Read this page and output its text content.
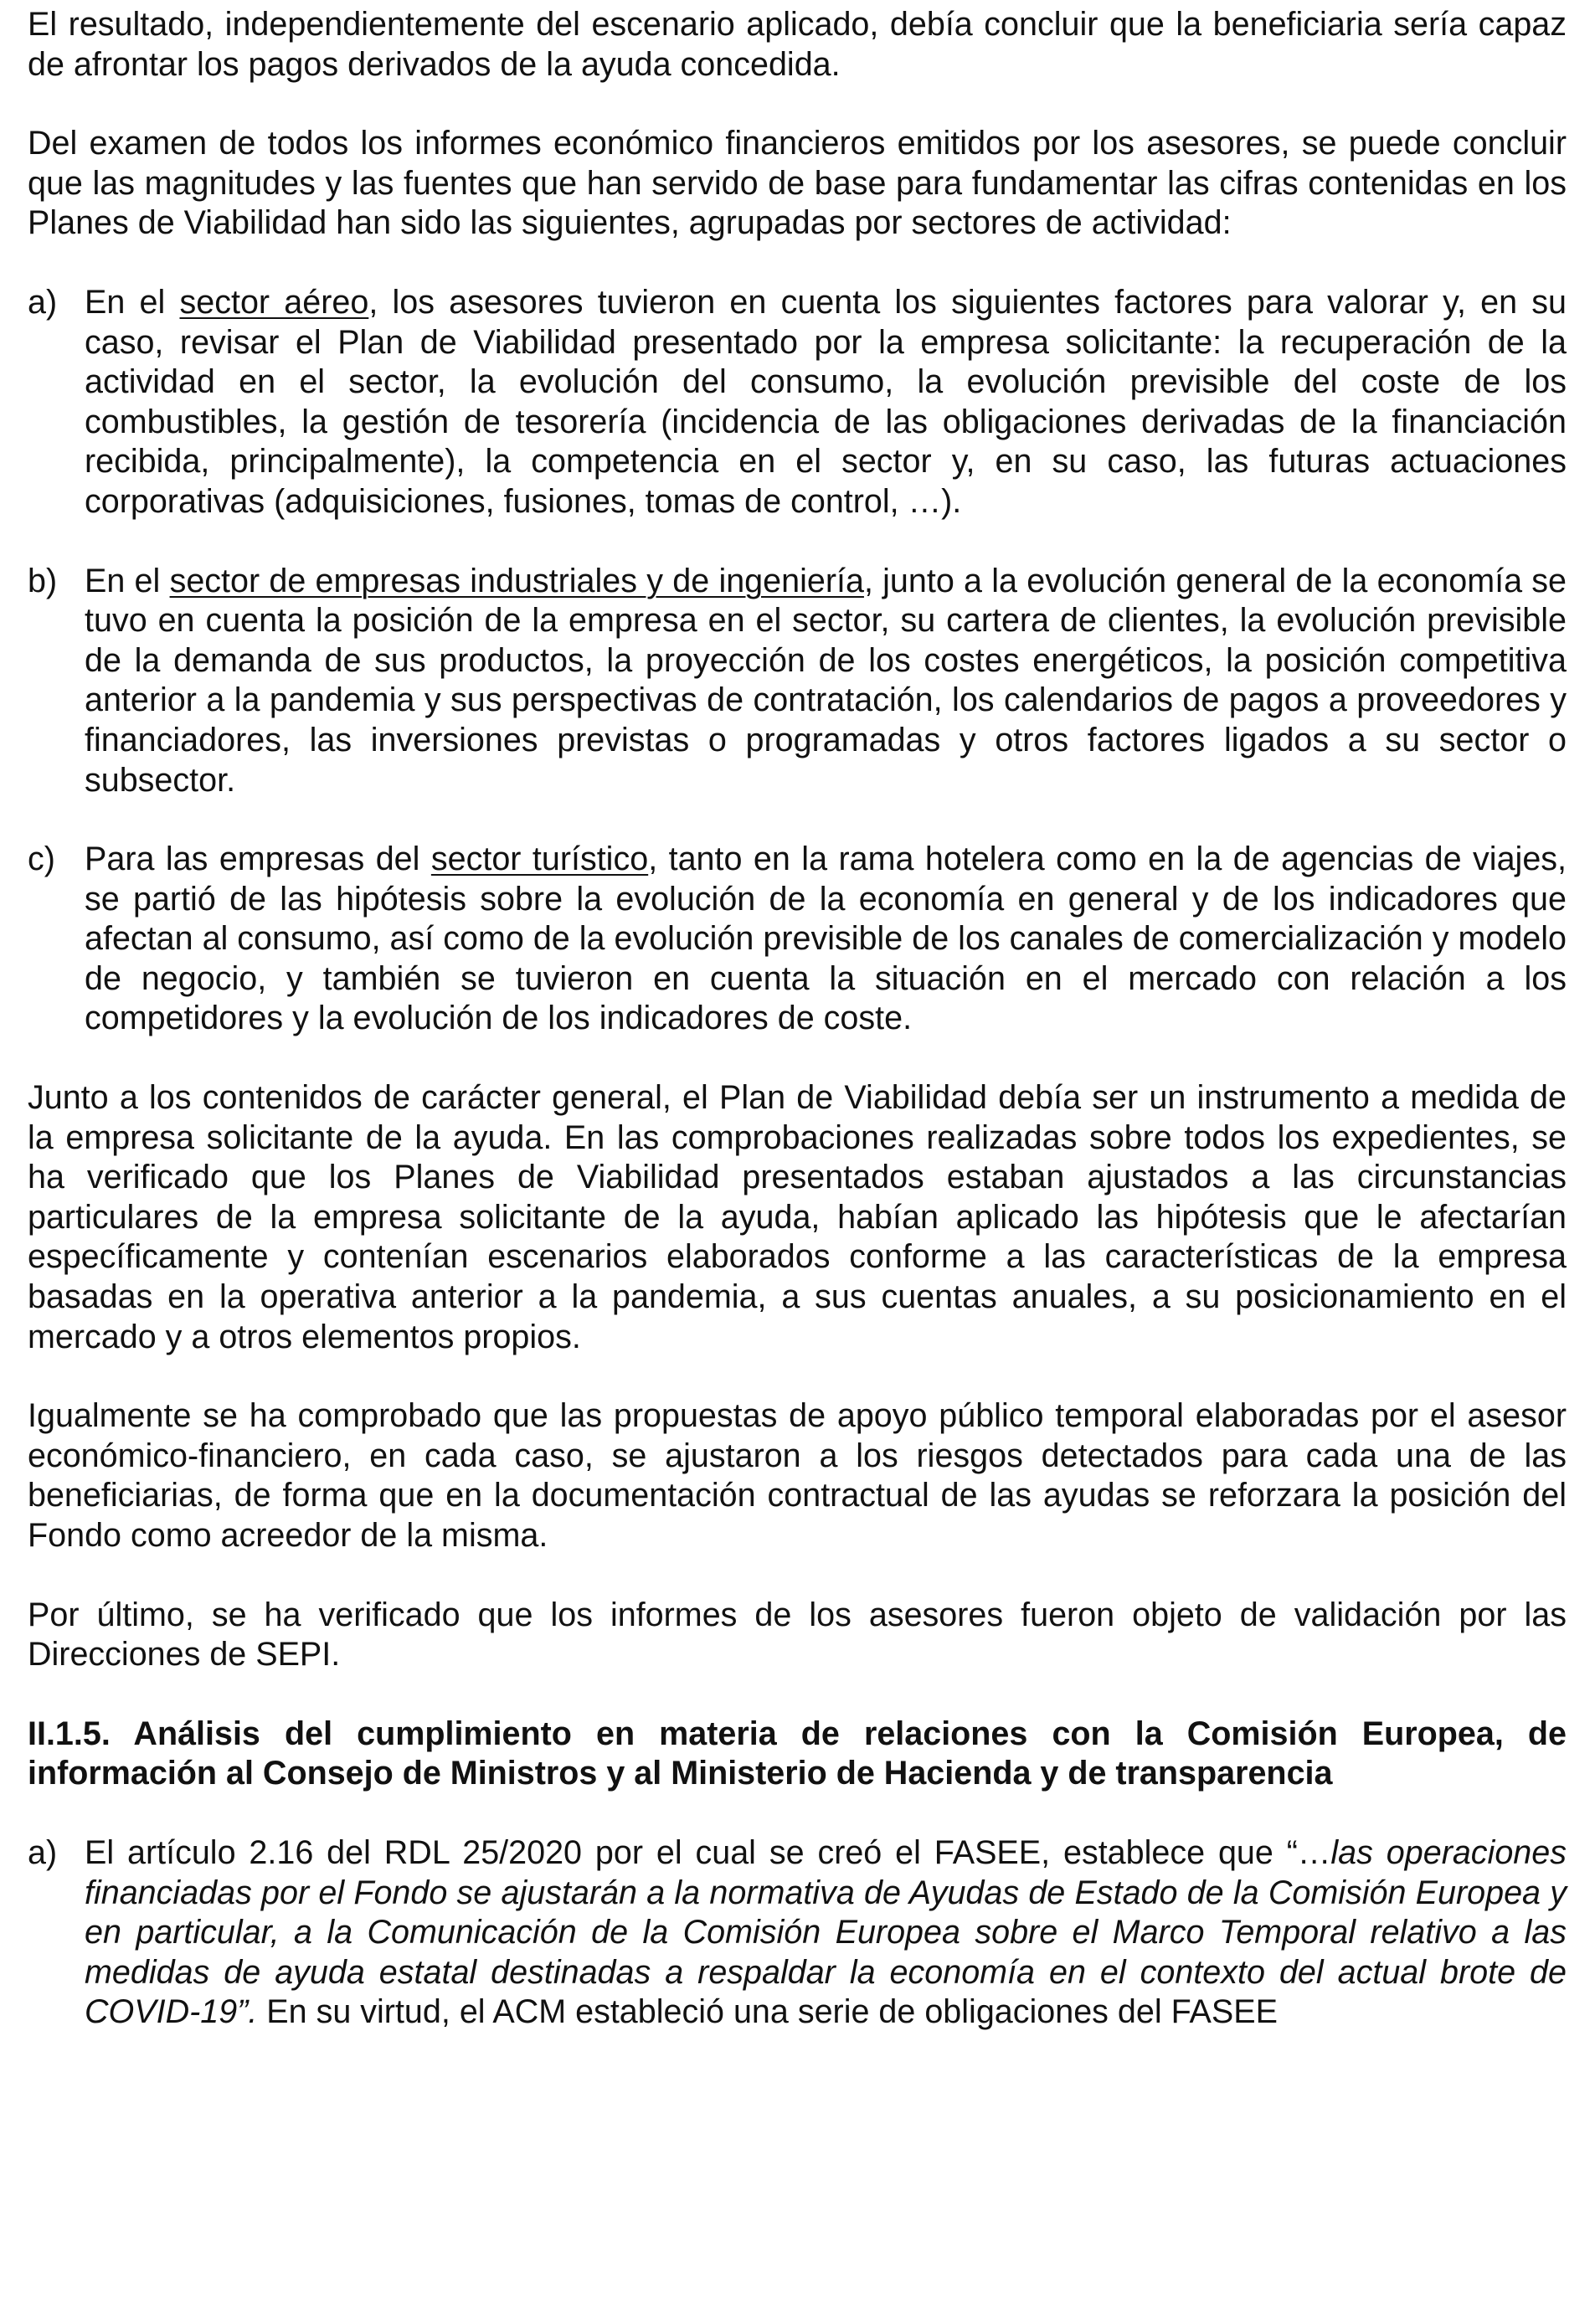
El resultado, independientemente del escenario aplicado, debía concluir que la beneficiaria sería capaz de afrontar los pagos derivados de la ayuda concedida.

Del examen de todos los informes económico financieros emitidos por los asesores, se puede concluir que las magnitudes y las fuentes que han servido de base para fundamentar las cifras contenidas en los Planes de Viabilidad han sido las siguientes, agrupadas por sectores de actividad:

a) En el sector aéreo, los asesores tuvieron en cuenta los siguientes factores para valorar y, en su caso, revisar el Plan de Viabilidad presentado por la empresa solicitante: la recuperación de la actividad en el sector, la evolución del consumo, la evolución previsible del coste de los combustibles, la gestión de tesorería (incidencia de las obligaciones derivadas de la financiación recibida, principalmente), la competencia en el sector y, en su caso, las futuras actuaciones corporativas (adquisiciones, fusiones, tomas de control, …).
b) En el sector de empresas industriales y de ingeniería, junto a la evolución general de la economía se tuvo en cuenta la posición de la empresa en el sector, su cartera de clientes, la evolución previsible de la demanda de sus productos, la proyección de los costes energéticos, la posición competitiva anterior a la pandemia y sus perspectivas de contratación, los calendarios de pagos a proveedores y financiadores, las inversiones previstas o programadas y otros factores ligados a su sector o subsector.
c) Para las empresas del sector turístico, tanto en la rama hotelera como en la de agencias de viajes, se partió de las hipótesis sobre la evolución de la economía en general y de los indicadores que afectan al consumo, así como de la evolución previsible de los canales de comercialización y modelo de negocio, y también se tuvieron en cuenta la situación en el mercado con relación a los competidores y la evolución de los indicadores de coste.

Junto a los contenidos de carácter general, el Plan de Viabilidad debía ser un instrumento a medida de la empresa solicitante de la ayuda. En las comprobaciones realizadas sobre todos los expedientes, se ha verificado que los Planes de Viabilidad presentados estaban ajustados a las circunstancias particulares de la empresa solicitante de la ayuda, habían aplicado las hipótesis que le afectarían específicamente y contenían escenarios elaborados conforme a las características de la empresa basadas en la operativa anterior a la pandemia, a sus cuentas anuales, a su posicionamiento en el mercado y a otros elementos propios.

Igualmente se ha comprobado que las propuestas de apoyo público temporal elaboradas por el asesor económico-financiero, en cada caso, se ajustaron a los riesgos detectados para cada una de las beneficiarias, de forma que en la documentación contractual de las ayudas se reforzara la posición del Fondo como acreedor de la misma.

Por último, se ha verificado que los informes de los asesores fueron objeto de validación por las Direcciones de SEPI.

II.1.5. Análisis del cumplimiento en materia de relaciones con la Comisión Europea, de información al Consejo de Ministros y al Ministerio de Hacienda y de transparencia

a) El artículo 2.16 del RDL 25/2020 por el cual se creó el FASEE, establece que “…las operaciones financiadas por el Fondo se ajustarán a la normativa de Ayudas de Estado de la Comisión Europea y en particular, a la Comunicación de la Comisión Europea sobre el Marco Temporal relativo a las medidas de ayuda estatal destinadas a respaldar la economía en el contexto del actual brote de COVID-19”. En su virtud, el ACM estableció una serie de obligaciones del FASEE
